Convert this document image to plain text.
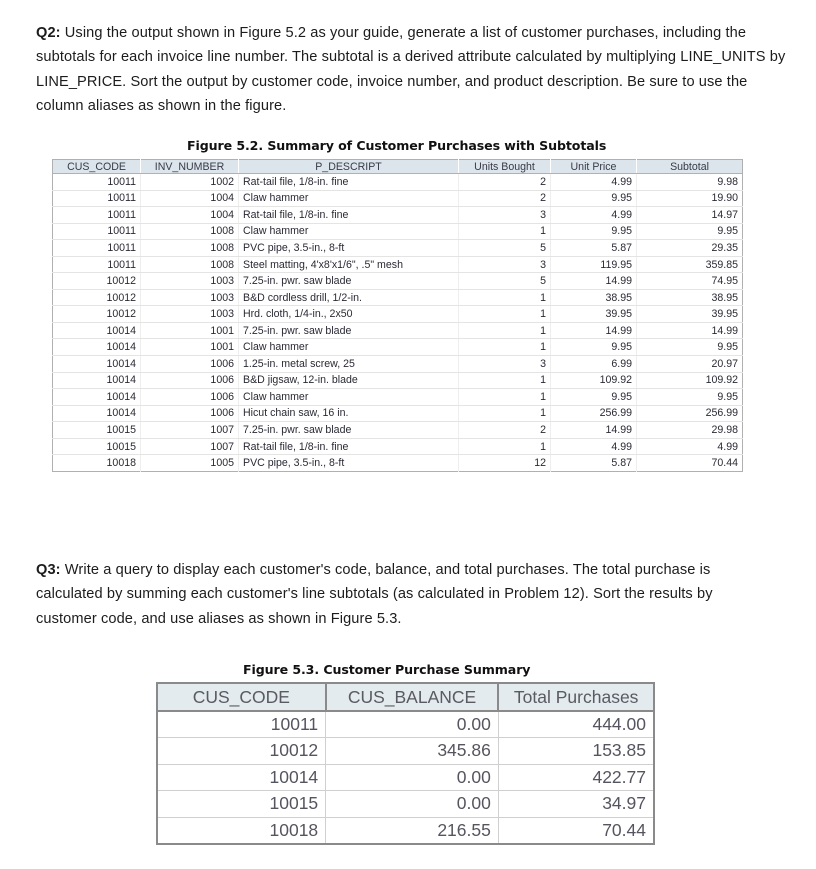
Q2: Using the output shown in Figure 5.2 as your guide, generate a list of customer purchases, including the subtotals for each invoice line number. The subtotal is a derived attribute calculated by multiplying LINE_UNITS by LINE_PRICE. Sort the output by customer code, invoice number, and product description. Be sure to use the column aliases as shown in the figure.

Figure 5.2. Summary of Customer Purchases with Subtotals
CUS_CODE	INV_NUMBER	P_DESCRIPT	Units Bought	Unit Price	Subtotal
10011	1002	Rat-tail file, 1/8-in. fine	2	4.99	9.98
10011	1004	Claw hammer	2	9.95	19.90
10011	1004	Rat-tail file, 1/8-in. fine	3	4.99	14.97
10011	1008	Claw hammer	1	9.95	9.95
10011	1008	PVC pipe, 3.5-in., 8-ft	5	5.87	29.35
10011	1008	Steel matting, 4'x8'x1/6", .5" mesh	3	119.95	359.85
10012	1003	7.25-in. pwr. saw blade	5	14.99	74.95
10012	1003	B&D cordless drill, 1/2-in.	1	38.95	38.95
10012	1003	Hrd. cloth, 1/4-in., 2x50	1	39.95	39.95
10014	1001	7.25-in. pwr. saw blade	1	14.99	14.99
10014	1001	Claw hammer	1	9.95	9.95
10014	1006	1.25-in. metal screw, 25	3	6.99	20.97
10014	1006	B&D jigsaw, 12-in. blade	1	109.92	109.92
10014	1006	Claw hammer	1	9.95	9.95
10014	1006	Hicut chain saw, 16 in.	1	256.99	256.99
10015	1007	7.25-in. pwr. saw blade	2	14.99	29.98
10015	1007	Rat-tail file, 1/8-in. fine	1	4.99	4.99
10018	1005	PVC pipe, 3.5-in., 8-ft	12	5.87	70.44

Q3: Write a query to display each customer's code, balance, and total purchases. The total purchase is calculated by summing each customer's line subtotals (as calculated in Problem 12). Sort the results by customer code, and use aliases as shown in Figure 5.3.

Figure 5.3. Customer Purchase Summary
CUS_CODE	CUS_BALANCE	Total Purchases
10011	0.00	444.00
10012	345.86	153.85
10014	0.00	422.77
10015	0.00	34.97
10018	216.55	70.44
